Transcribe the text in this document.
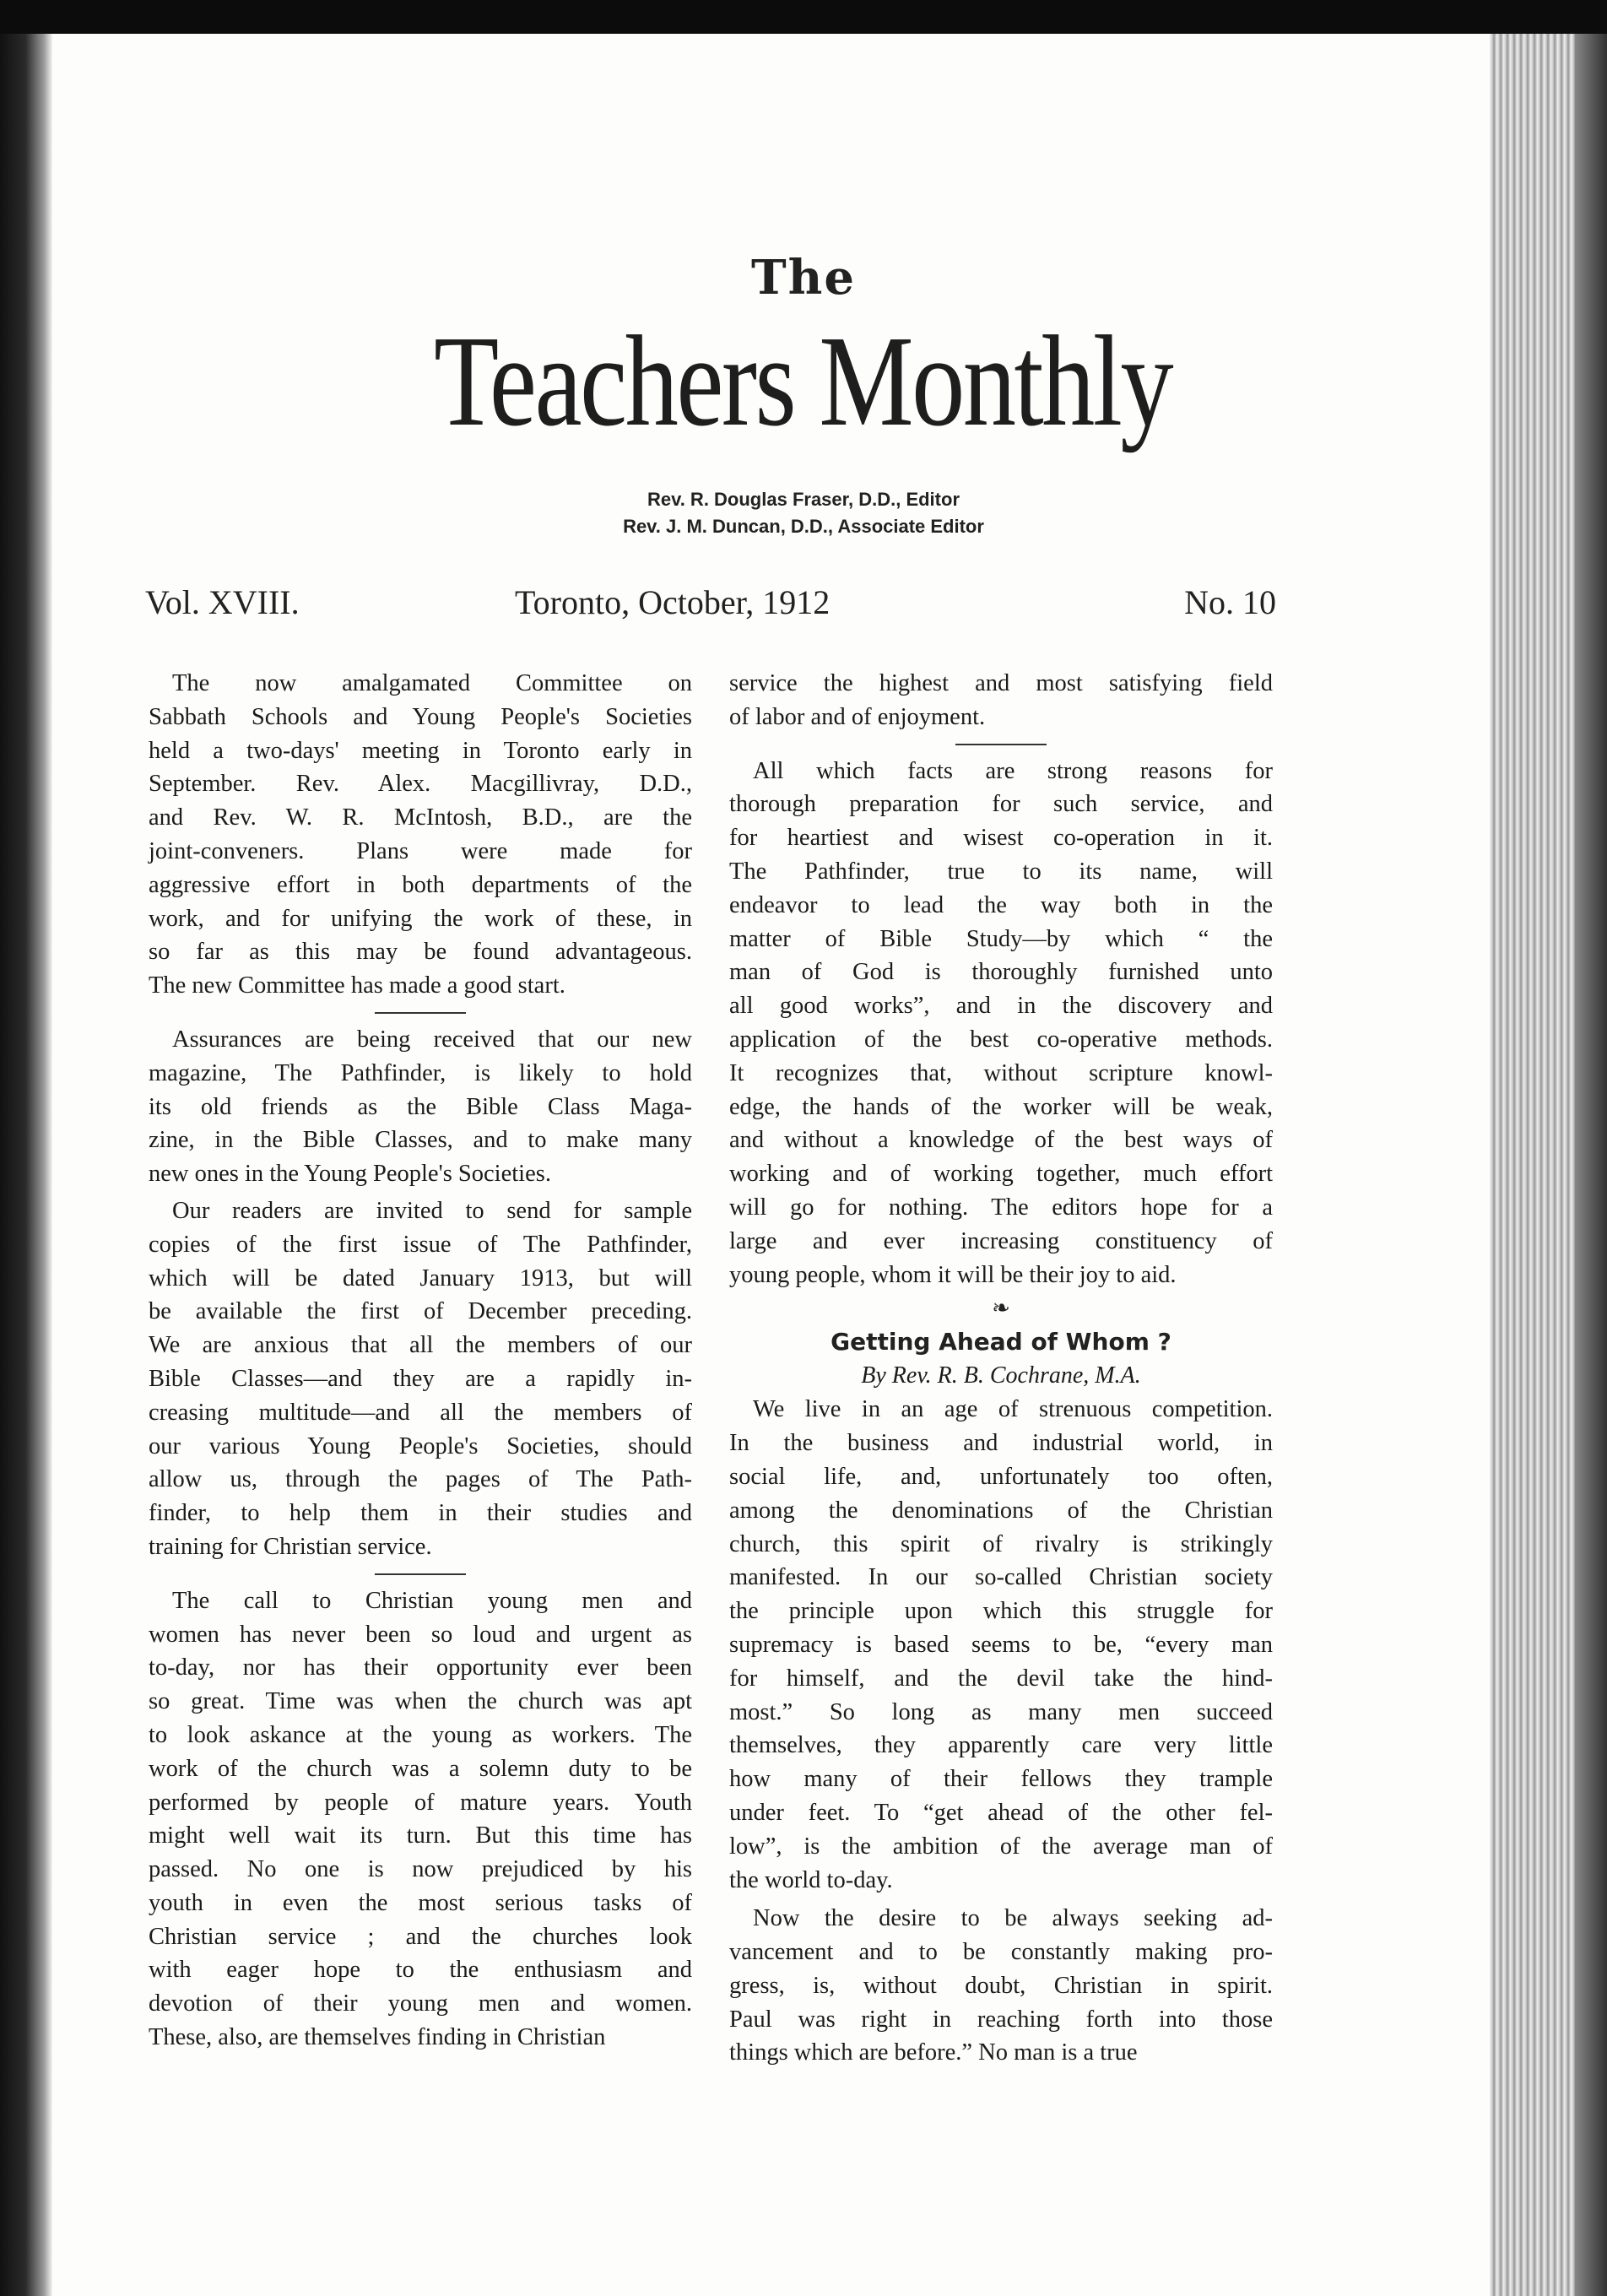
The
Teachers Monthly
Rev. R. Douglas Fraser, D.D., Editor
Rev. J. M. Duncan, D.D., Associate Editor
Vol. XVIII.	Toronto, October, 1912	No. 10
The now amalgamated Committee on
Sabbath Schools and Young People's Societies
held a two-days' meeting in Toronto early in
September. Rev. Alex. Macgillivray, D.D.,
and Rev. W. R. McIntosh, B.D., are the
joint-conveners. Plans were made for
aggressive effort in both departments of the
work, and for unifying the work of these, in
so far as this may be found advantageous.
The new Committee has made a good start.
Assurances are being received that our new
magazine, The Pathfinder, is likely to hold
its old friends as the Bible Class Maga-
zine, in the Bible Classes, and to make many
new ones in the Young People's Societies.
Our readers are invited to send for sample
copies of the first issue of The Pathfinder,
which will be dated January 1913, but will
be available the first of December preceding.
We are anxious that all the members of our
Bible Classes—and they are a rapidly in-
creasing multitude—and all the members of
our various Young People's Societies, should
allow us, through the pages of The Path-
finder, to help them in their studies and
training for Christian service.
The call to Christian young men and
women has never been so loud and urgent as
to-day, nor has their opportunity ever been
so great. Time was when the church was apt
to look askance at the young as workers. The
work of the church was a solemn duty to be
performed by people of mature years. Youth
might well wait its turn. But this time has
passed. No one is now prejudiced by his
youth in even the most serious tasks of
Christian service ; and the churches look
with eager hope to the enthusiasm and
devotion of their young men and women.
These, also, are themselves finding in Christian
service the highest and most satisfying field
of labor and of enjoyment.
All which facts are strong reasons for
thorough preparation for such service, and
for heartiest and wisest co-operation in it.
The Pathfinder, true to its name, will
endeavor to lead the way both in the
matter of Bible Study—by which “ the
man of God is thoroughly furnished unto
all good works”, and in the discovery and
application of the best co-operative methods.
It recognizes that, without scripture knowl-
edge, the hands of the worker will be weak,
and without a knowledge of the best ways of
working and of working together, much effort
will go for nothing. The editors hope for a
large and ever increasing constituency of
young people, whom it will be their joy to aid.
❧
Getting Ahead of Whom ?
By Rev. R. B. Cochrane, M.A.
We live in an age of strenuous competition.
In the business and industrial world, in
social life, and, unfortunately too often,
among the denominations of the Christian
church, this spirit of rivalry is strikingly
manifested. In our so-called Christian society
the principle upon which this struggle for
supremacy is based seems to be, “every man
for himself, and the devil take the hind-
most.” So long as many men succeed
themselves, they apparently care very little
how many of their fellows they trample
under feet. To “get ahead of the other fel-
low”, is the ambition of the average man of
the world to-day.
Now the desire to be always seeking ad-
vancement and to be constantly making pro-
gress, is, without doubt, Christian in spirit.
Paul was right in reaching forth into those
things which are before.” No man is a true
